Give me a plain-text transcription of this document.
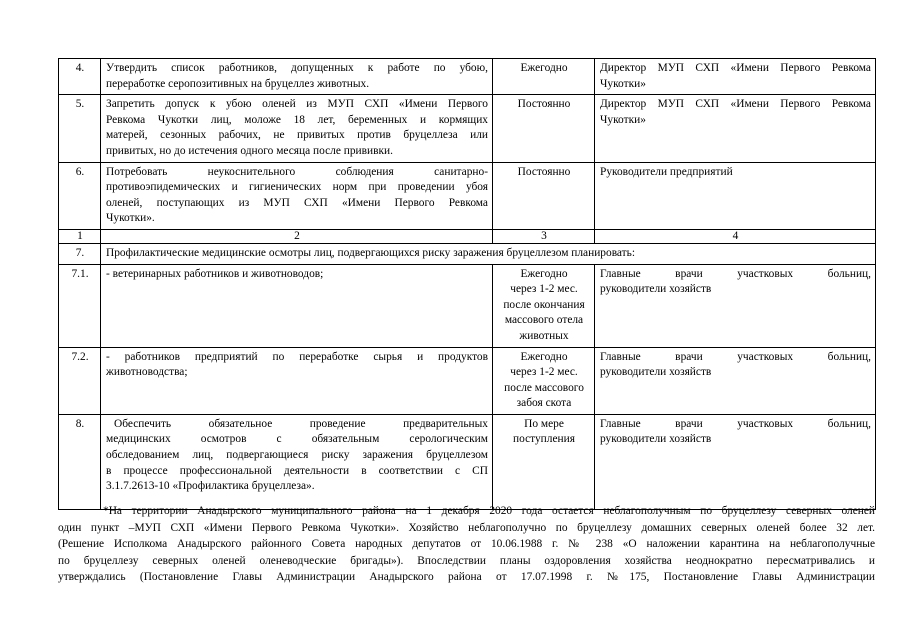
4.	Утвердить список работников, допущенных к работе по убою,
переработке серопозитивных на бруцеллез животных.	Ежегодно	Директор МУП СХП «Имени Первого Ревкома
Чукотки»

5.	Запретить допуск к убою оленей из МУП СХП «Имени Первого
Ревкома Чукотки лиц, моложе 18 лет, беременных и кормящих
матерей, сезонных рабочих, не привитых против бруцеллеза или
привитых, но до истечения одного месяца после прививки.	Постоянно	Директор МУП СХП «Имени Первого Ревкома
Чукотки»

6.	Потребовать неукоснительного соблюдения санитарно-
противоэпидемических и гигиенических норм при проведении убоя
оленей, поступающих из МУП СХП «Имени Первого Ревкома
Чукотки».	Постоянно	Руководители предприятий

1	2	3	4
7.	Профилактические медицинские осмотры лиц, подвергающихся риску заражения бруцеллезом планировать:		
7.1.	- ветеринарных работников и животноводов;	Ежегодно
через 1-2 мес.
после окончания
массового отела
животных	Главные врачи участковых больниц,
руководители хозяйств

7.2.	- работников предприятий по переработке сырья и продуктов
животноводства;	Ежегодно
через 1-2 мес.
после массового
забоя скота	Главные врачи участковых больниц,
руководители хозяйств

8.	Обеспечить обязательное проведение предварительных
медицинских осмотров с обязательным серологическим
обследованием лиц, подвергающиеся риску заражения бруцеллезом
в процессе профессиональной деятельности в соответствии с СП
3.1.7.2613-10 «Профилактика бруцеллеза».	По мере
поступления	Главные врачи участковых больниц,
руководители хозяйств
*На территории Анадырского муниципального района на 1 декабря 2020 года остается неблагополучным по бруцеллезу северных оленей
один пункт –МУП СХП «Имени Первого Ревкома Чукотки». Хозяйство неблагополучно по бруцеллезу домашних северных оленей более 32 лет.
(Решение Исполкома Анадырского районного Совета народных депутатов от 10.06.1988 г. № 238 «О наложении карантина на неблагополучные
по бруцеллезу северных оленей оленеводческие бригады»). Впоследствии планы оздоровления хозяйства неоднократно пересматривались и
утверждались (Постановление Главы Администрации Анадырского района от 17.07.1998 г. №175, Постановление Главы Администрации
